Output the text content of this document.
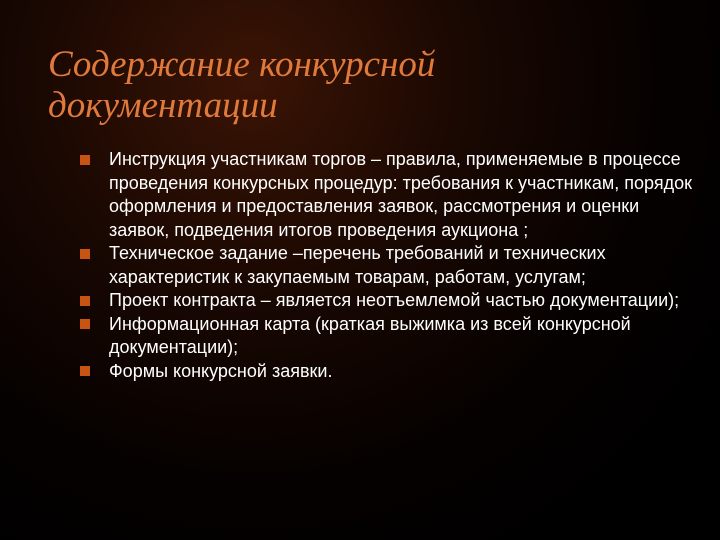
Содержание конкурсной
документации
Инструкция участникам торгов – правила, применяемые в процессе проведения конкурсных процедур: требования к участникам, порядок оформления и предоставления заявок, рассмотрения и оценки заявок, подведения итогов проведения аукциона ;
Техническое задание –перечень требований и технических характеристик к закупаемым товарам, работам, услугам;
Проект контракта – является неотъемлемой частью документации);
Информационная карта (краткая выжимка из всей конкурсной документации);
Формы конкурсной заявки.
